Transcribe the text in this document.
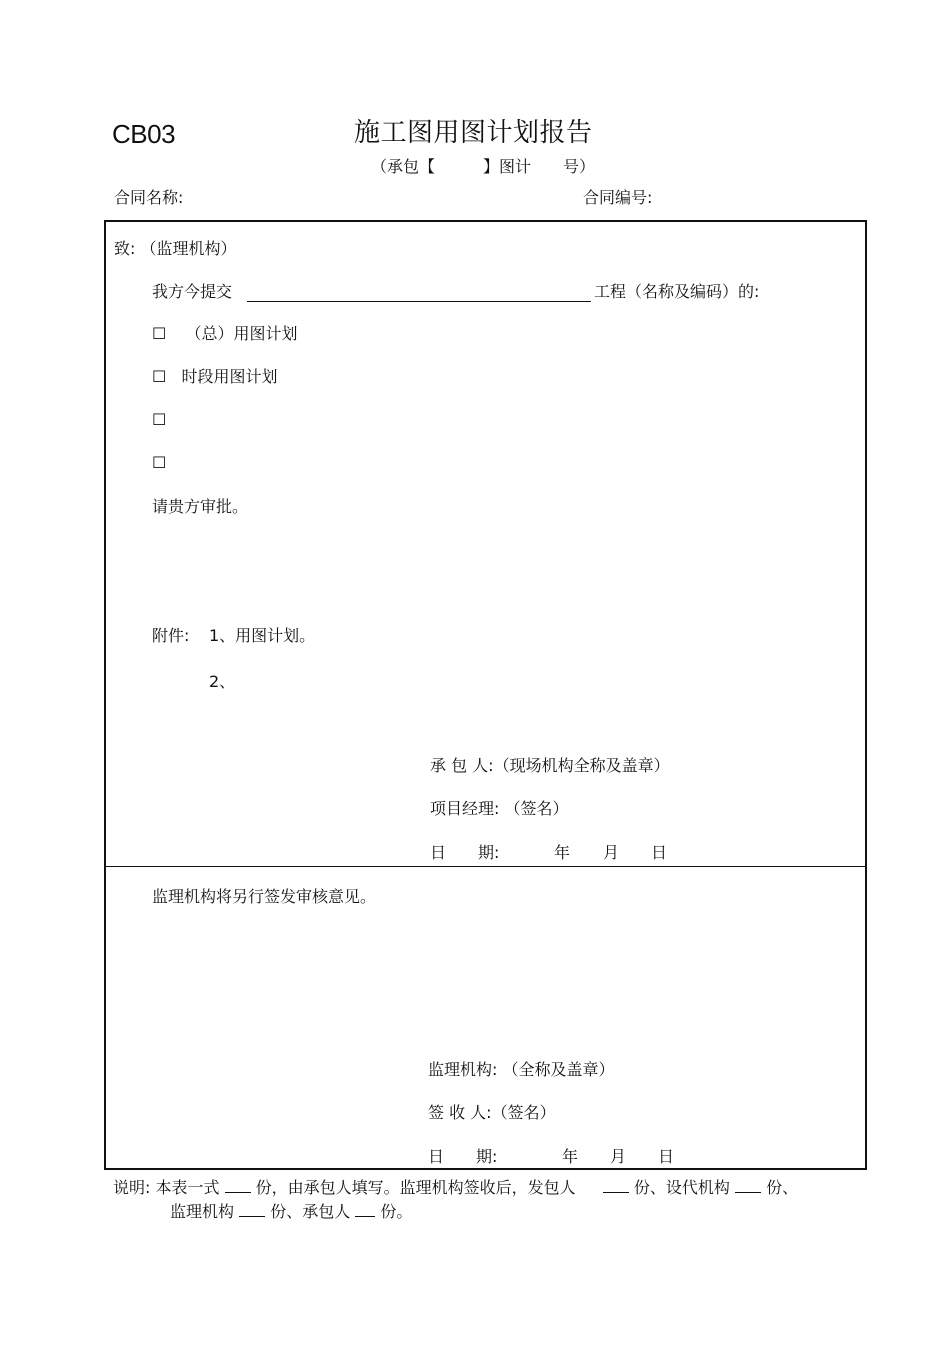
CB03	施工图用图计划报告
（承包【　　　】图计　　号）
合同名称:	合同编号:
致: （监理机构）
我方今提交	工程（名称及编码）的:
☐ （总）用图计划
☐ 时段用图计划
☐
☐
请贵方审批。
附件: 1、用图计划。
2、
承 包 人:（现场机构全称及盖章）
项目经理: （签名）
日　　期:	年 月 日
监理机构将另行签发审核意见。
监理机构: （全称及盖章）
签 收 人:（签名）
日　　期:	年 月 日
说明: 本表一式 份，由承包人填写。监理机构签收后，发包人	份、设代机构 份、
监理机构 份、承包人 份。
